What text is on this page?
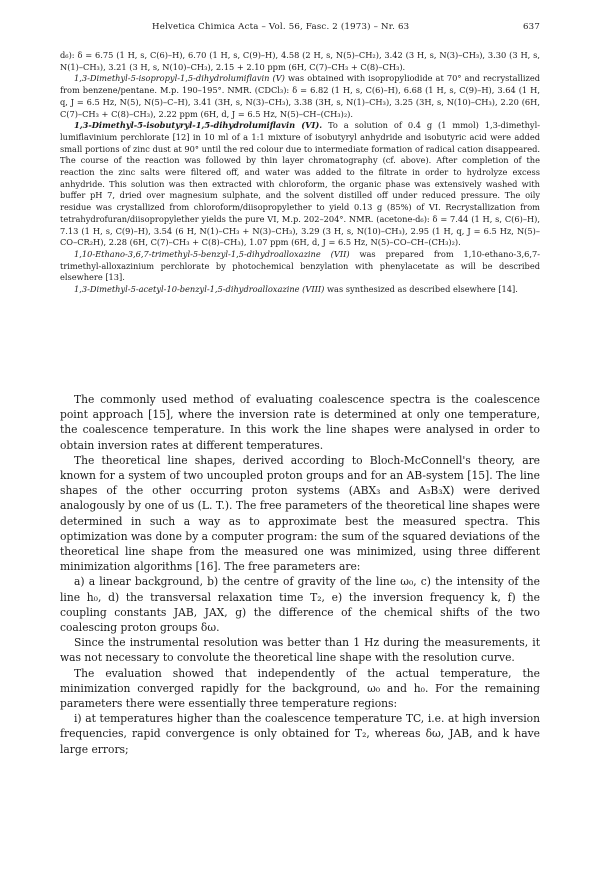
Helvetica Chimica Acta – Vol. 56, Fasc. 2 (1973) – Nr. 63	637

d₆): δ = 6.75 (1 H, s, C(6)–H), 6.70 (1 H, s, C(9)–H), 4.58 (2 H, s, N(5)–CH₂), 3.42 (3 H, s, N(3)–CH₃), 3.30 (3 H, s, N(1)–CH₃), 3.21 (3 H, s, N(10)–CH₃), 2.15 + 2.10 ppm (6H, C(7)–CH₃ + C(8)–CH₃).

1,3-Dimethyl-5-isopropyl-1,5-dihydrolumiflavin (V) was obtained with isopropyliodide at 70° and recrystallized from benzene/pentane. M.p. 190–195°. NMR. (CDCl₃): δ = 6.82 (1 H, s, C(6)–H), 6.68 (1 H, s, C(9)–H), 3.64 (1 H, q, J = 6.5 Hz, N(5), N(5)–C–H), 3.41 (3H, s, N(3)–CH₃), 3.38 (3H, s, N(1)–CH₃), 3.25 (3H, s, N(10)–CH₃), 2.20 (6H, C(7)–CH₃ + C(8)–CH₃), 2.22 ppm (6H, d, J = 6.5 Hz, N(5)–CH–(CH₃)₂).

1,3-Dimethyl-5-isobutyryl-1,5-dihydrolumiflavin (VI). To a solution of 0.4 g (1 mmol) 1,3-dimethyl-lumiflavinium perchlorate [12] in 10 ml of a 1:1 mixture of isobutyryl anhydride and isobutyric acid were added small portions of zinc dust at 90° until the red colour due to intermediate formation of radical cation disappeared. The course of the reaction was followed by thin layer chromatography (cf. above). After completion of the reaction the zinc salts were filtered off, and water was added to the filtrate in order to hydrolyze excess anhydride. This solution was then extracted with chloroform, the organic phase was extensively washed with buffer pH 7, dried over magnesium sulphate, and the solvent distilled off under reduced pressure. The oily residue was crystallized from chloroform/diisopropylether to yield 0.13 g (85%) of VI. Recrystallization from tetrahydrofuran/diisopropylether yields the pure VI, M.p. 202–204°. NMR. (acetone-d₆): δ = 7.44 (1 H, s, C(6)–H), 7.13 (1 H, s, C(9)–H), 3.54 (6 H, N(1)–CH₃ + N(3)–CH₃), 3.29 (3 H, s, N(10)–CH₃), 2.95 (1 H, q, J = 6.5 Hz, N(5)–CO–CR₂H), 2.28 (6H, C(7)–CH₃ + C(8)–CH₃), 1.07 ppm (6H, d, J = 6.5 Hz, N(5)–CO–CH–(CH₃)₂).

1,10-Ethano-3,6,7-trimethyl-5-benzyl-1,5-dihydroalloxazine (VII) was prepared from 1,10-ethano-3,6,7-trimethyl-alloxazinium perchlorate by photochemical benzylation with phenylacetate as will be described elsewhere [13].

1,3-Dimethyl-5-acetyl-10-benzyl-1,5-dihydroalloxazine (VIII) was synthesized as described elsewhere [14].

The commonly used method of evaluating coalescence spectra is the coalescence point approach [15], where the inversion rate is determined at only one temperature, the coalescence temperature. In this work the line shapes were analysed in order to obtain inversion rates at different temperatures.

The theoretical line shapes, derived according to Bloch-McConnell's theory, are known for a system of two uncoupled proton groups and for an AB-system [15]. The line shapes of the other occurring proton systems (ABX₃ and A₃B₃X) were derived analogously by one of us (L. T.). The free parameters of the theoretical line shapes were determined in such a way as to approximate best the measured spectra. This optimization was done by a computer program: the sum of the squared deviations of the theoretical line shape from the measured one was minimized, using three different minimization algorithms [16]. The free parameters are:

a) a linear background, b) the centre of gravity of the line ω₀, c) the intensity of the line h₀, d) the transversal relaxation time T₂, e) the inversion frequency k, f) the coupling constants JAB, JAX, g) the difference of the chemical shifts of the two coalescing proton groups δω.

Since the instrumental resolution was better than 1 Hz during the measurements, it was not necessary to convolute the theoretical line shape with the resolution curve.

The evaluation showed that independently of the actual temperature, the minimization converged rapidly for the background, ω₀ and h₀. For the remaining parameters there were essentially three temperature regions:

i) at temperatures higher than the coalescence temperature TC, i.e. at high inversion frequencies, rapid convergence is only obtained for T₂, whereas δω, JAB, and k have large errors;
